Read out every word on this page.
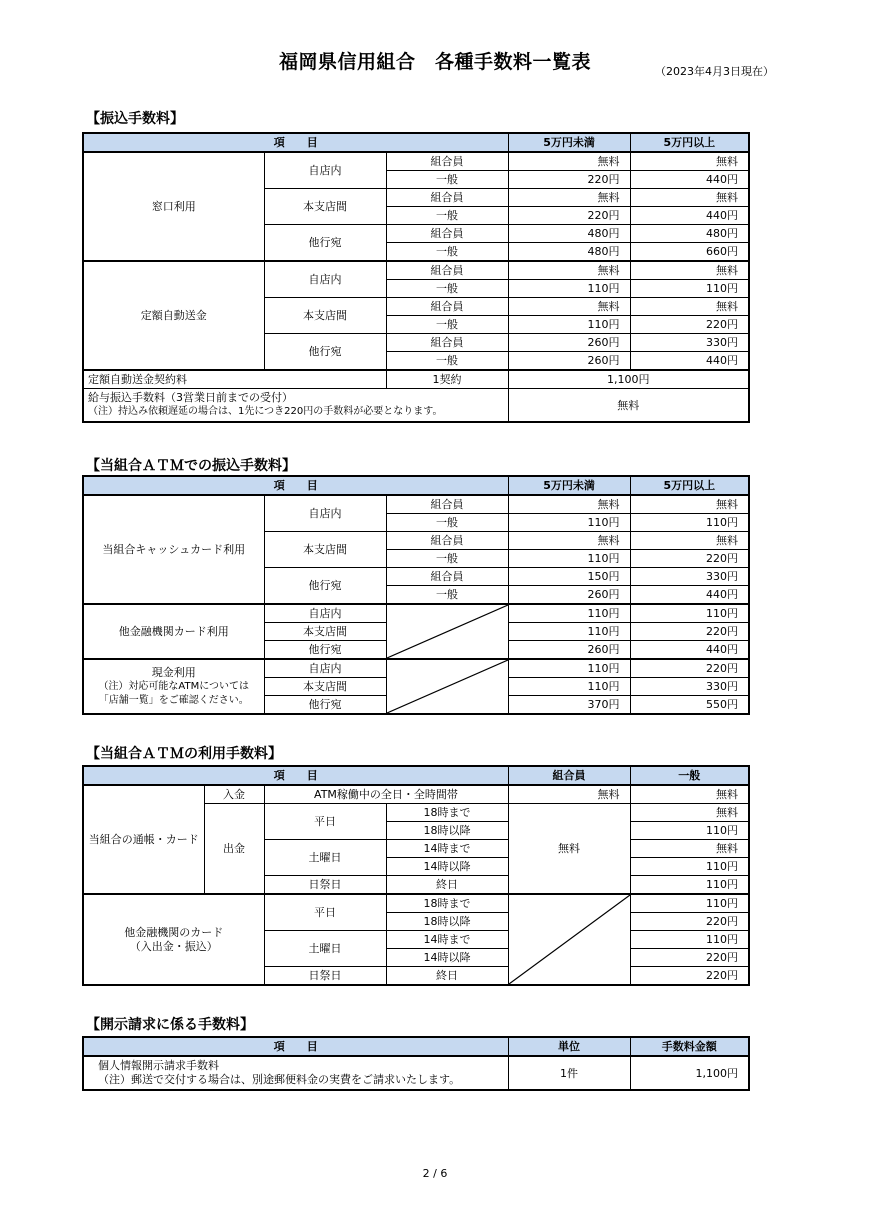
福岡県信用組合　各種手数料一覧表	（2023年4月3日現在）
【振込手数料】
項　　目			5万円未満	5万円以上
窓口利用	自店内	組合員	無料	無料
		一般	220円	440円
	本支店間	組合員	無料	無料
		一般	220円	440円
	他行宛	組合員	480円	480円
		一般	480円	660円
定額自動送金	自店内	組合員	無料	無料
		一般	110円	110円
	本支店間	組合員	無料	無料
		一般	110円	220円
	他行宛	組合員	260円	330円
		一般	260円	440円
定額自動送金契約料		1契約	1,100円	

給与振込手数料（3営業日前までの受付）
（注）持込み依頼遅延の場合は、1先につき220円の手数料が必要となります。			無料	
【当組合ＡＴＭでの振込手数料】
項　　目			5万円未満	5万円以上
当組合キャッシュカード利用	自店内	組合員	無料	無料
		一般	110円	110円
	本支店間	組合員	無料	無料
		一般	110円	220円
	他行宛	組合員	150円	330円
		一般	260円	440円
他金融機関カード利用	自店内		110円	110円
	本支店間		110円	220円
	他行宛		260円	440円

現金利用
（注）対応可能なATMについては
「店舗一覧」をご確認ください。	自店内		110円	220円
	本支店間		110円	330円
	他行宛		370円	550円
【当組合ＡＴＭの利用手数料】
項　　目				組合員	一般
当組合の通帳・カード	入金	ATM稼働中の全日・全時間帯		無料	無料
	出金	平日	18時まで	無料	無料
			18時以降		110円
		土曜日	14時まで		無料
			14時以降		110円
		日祭日	終日		110円

他金融機関のカード
（入出金・振込）		平日	18時まで		110円
			18時以降		220円
		土曜日	14時まで		110円
			14時以降		220円
		日祭日	終日		220円
【開示請求に係る手数料】
項　　目	単位	手数料金額

個人情報開示請求手数料
（注）郵送で交付する場合は、別途郵便料金の実費をご請求いたします。	1件	1,100円
2 / 6
